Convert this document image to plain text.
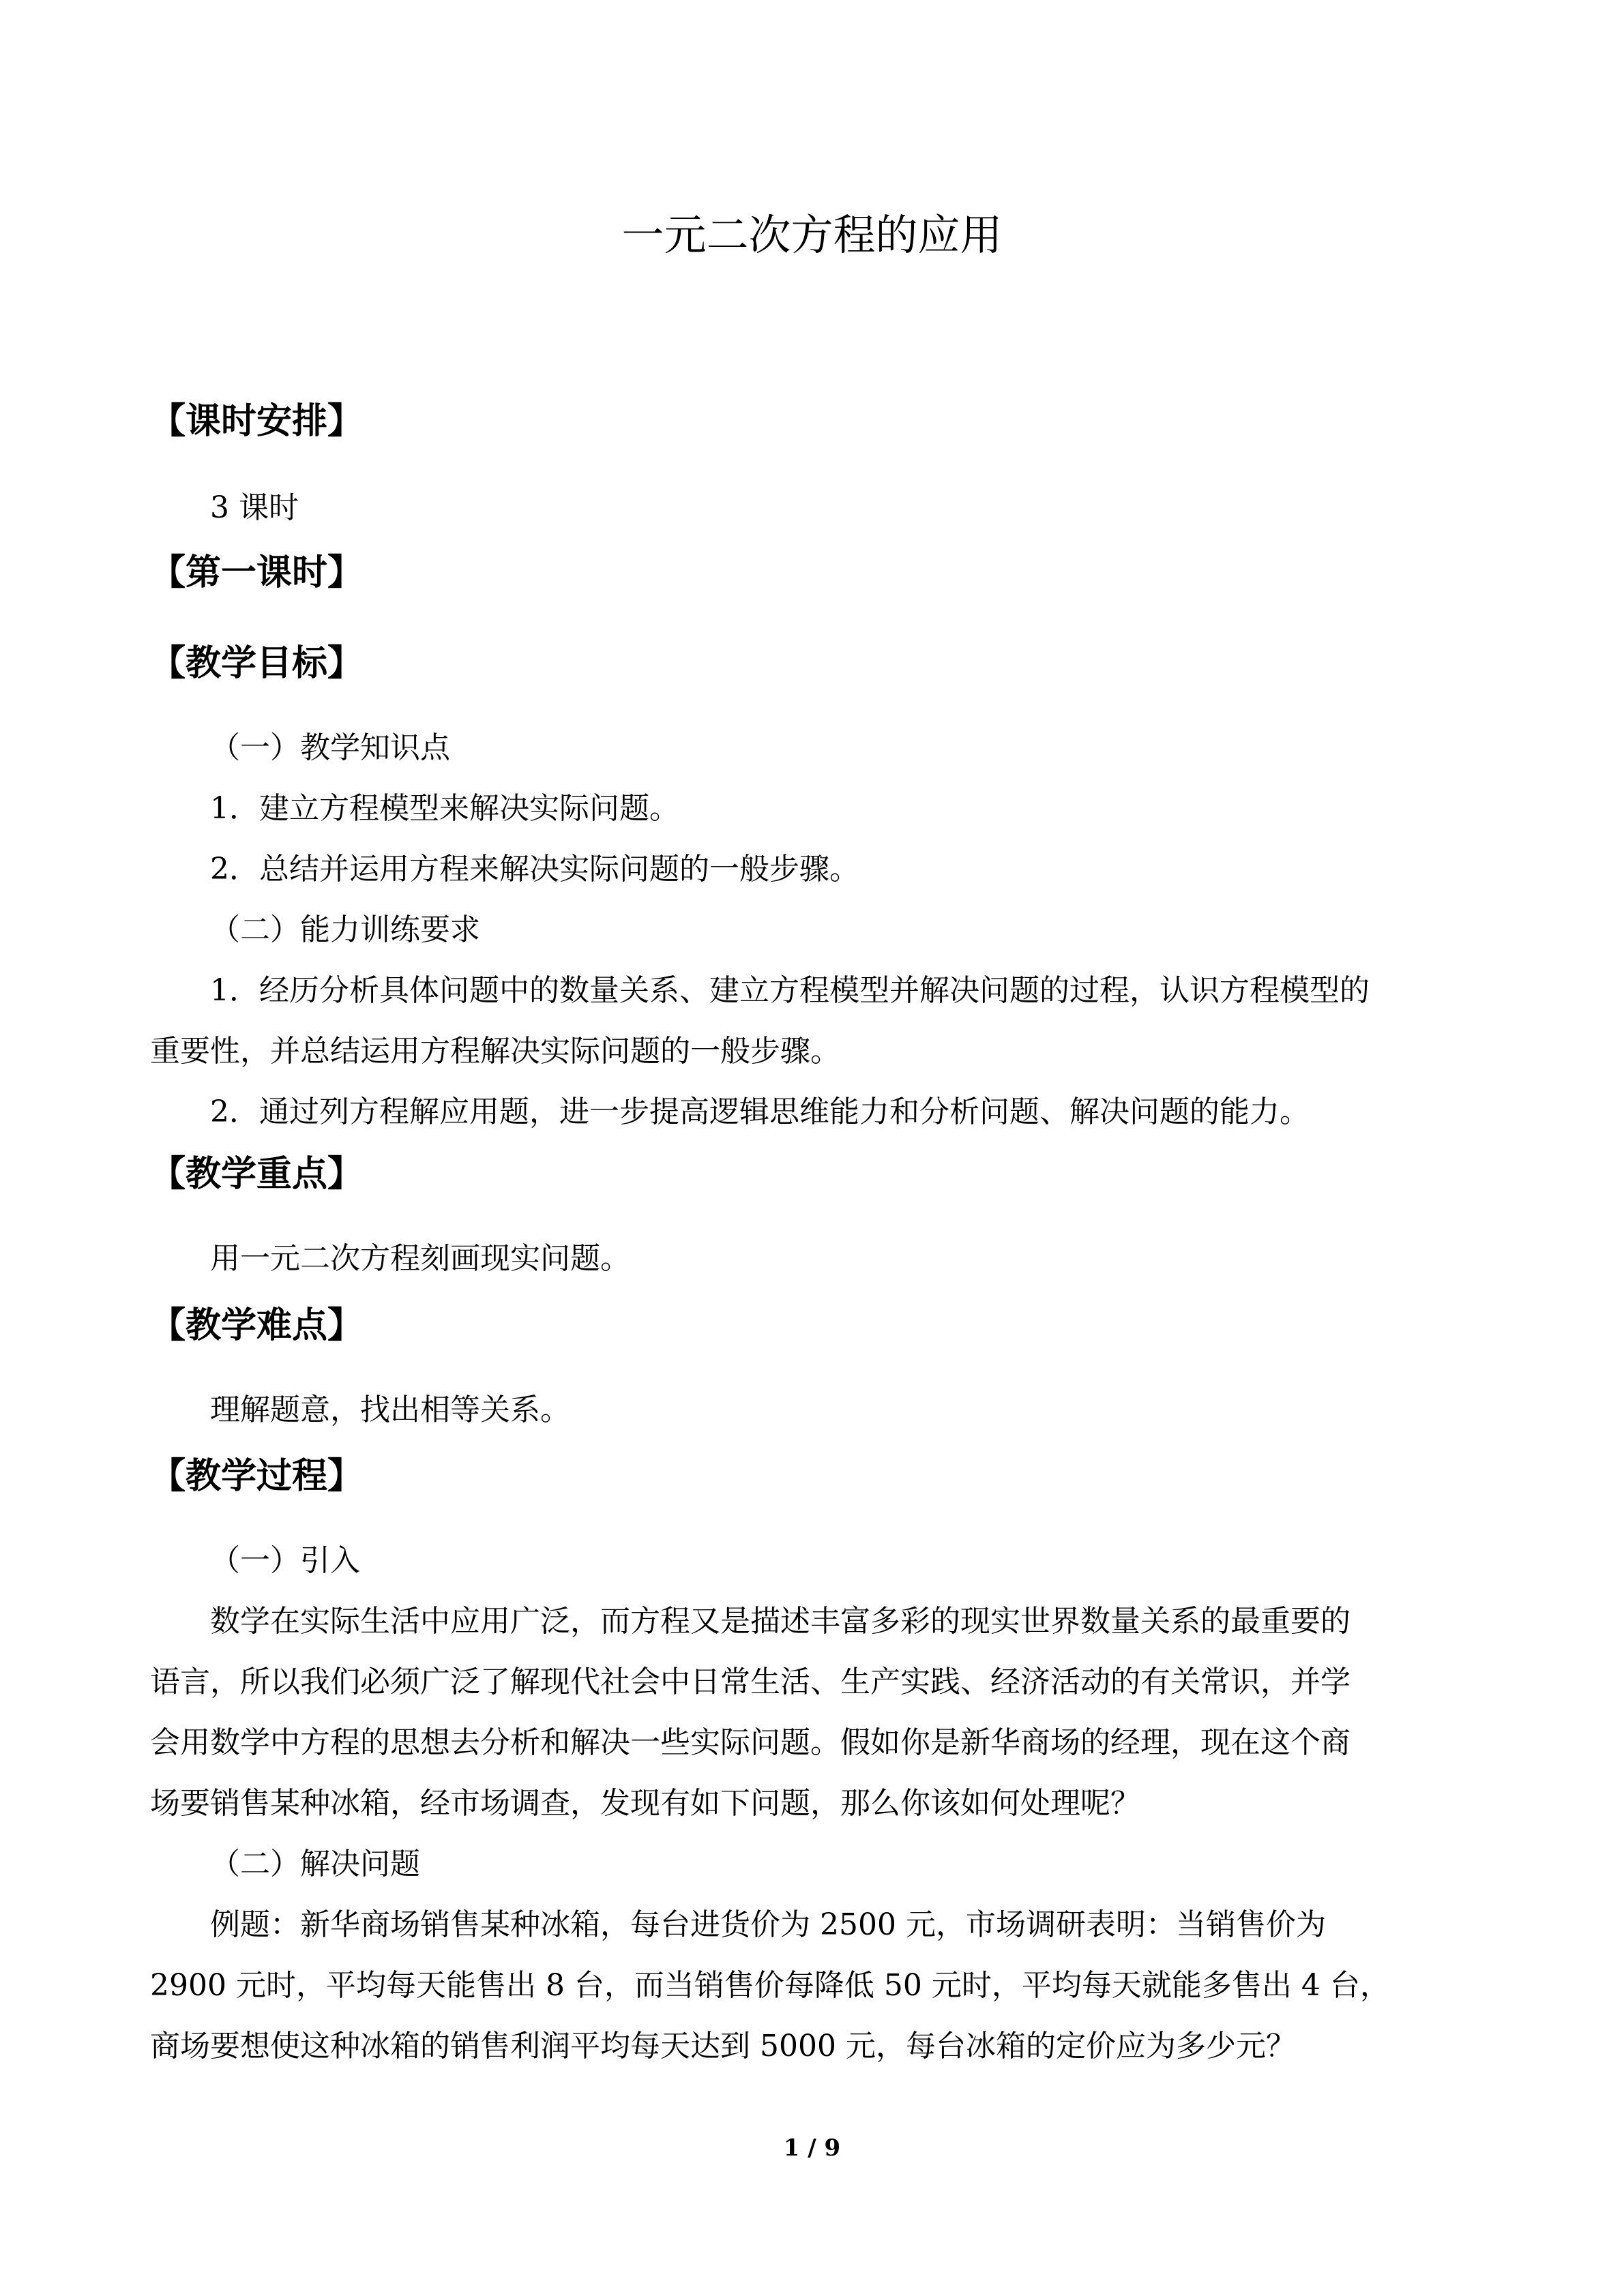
一元二次方程的应用
【课时安排】
3 课时
【第一课时】
【教学目标】
（一）教学知识点
1．建立方程模型来解决实际问题。
2．总结并运用方程来解决实际问题的一般步骤。
（二）能力训练要求
1．经历分析具体问题中的数量关系、建立方程模型并解决问题的过程，认识方程模型的
重要性，并总结运用方程解决实际问题的一般步骤。
2．通过列方程解应用题，进一步提高逻辑思维能力和分析问题、解决问题的能力。
【教学重点】
用一元二次方程刻画现实问题。
【教学难点】
理解题意，找出相等关系。
【教学过程】
（一）引入
数学在实际生活中应用广泛，而方程又是描述丰富多彩的现实世界数量关系的最重要的
语言，所以我们必须广泛了解现代社会中日常生活、生产实践、经济活动的有关常识，并学
会用数学中方程的思想去分析和解决一些实际问题。假如你是新华商场的经理，现在这个商
场要销售某种冰箱，经市场调查，发现有如下问题，那么你该如何处理呢？
（二）解决问题
例题：新华商场销售某种冰箱，每台进货价为 2500 元，市场调研表明：当销售价为
2900 元时，平均每天能售出 8 台，而当销售价每降低 50 元时，平均每天就能多售出 4 台，
商场要想使这种冰箱的销售利润平均每天达到 5000 元，每台冰箱的定价应为多少元？
1 / 9
